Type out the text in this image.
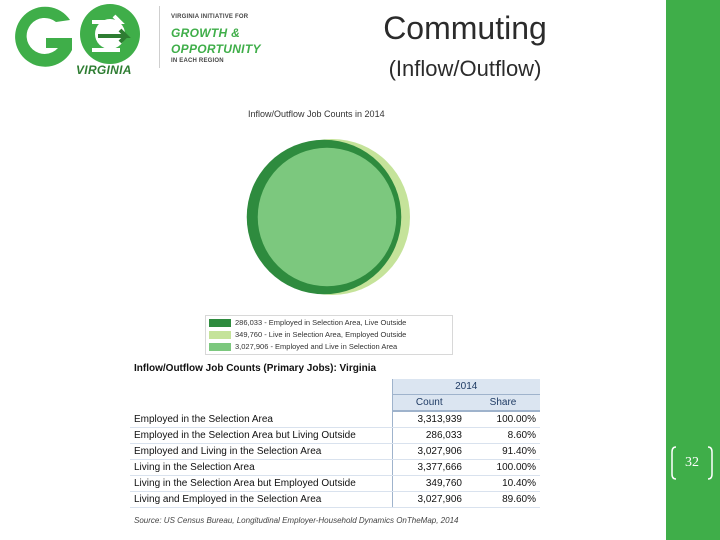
VIRGINIA
VIRGINIA INITIATIVE FOR
GROWTH &
OPPORTUNITY
IN EACH REGION
Commuting
(Inflow/Outflow)
Inflow/Outflow Job Counts in 2014
286,033 - Employed in Selection Area, Live Outside
349,760 - Live in Selection Area, Employed Outside
3,027,906 - Employed and Live in Selection Area
Inflow/Outflow Job Counts (Primary Jobs): Virginia
	2014	
	Count	Share
Employed in the Selection Area	3,313,939	100.00%
Employed in the Selection Area but Living Outside	286,033	8.60%
Employed and Living in the Selection Area	3,027,906	91.40%
Living in the Selection Area	3,377,666	100.00%
Living in the Selection Area but Employed Outside	349,760	10.40%
Living and Employed in the Selection Area	3,027,906	89.60%
Source: US Census Bureau, Longitudinal Employer-Household Dynamics OnTheMap, 2014
32
